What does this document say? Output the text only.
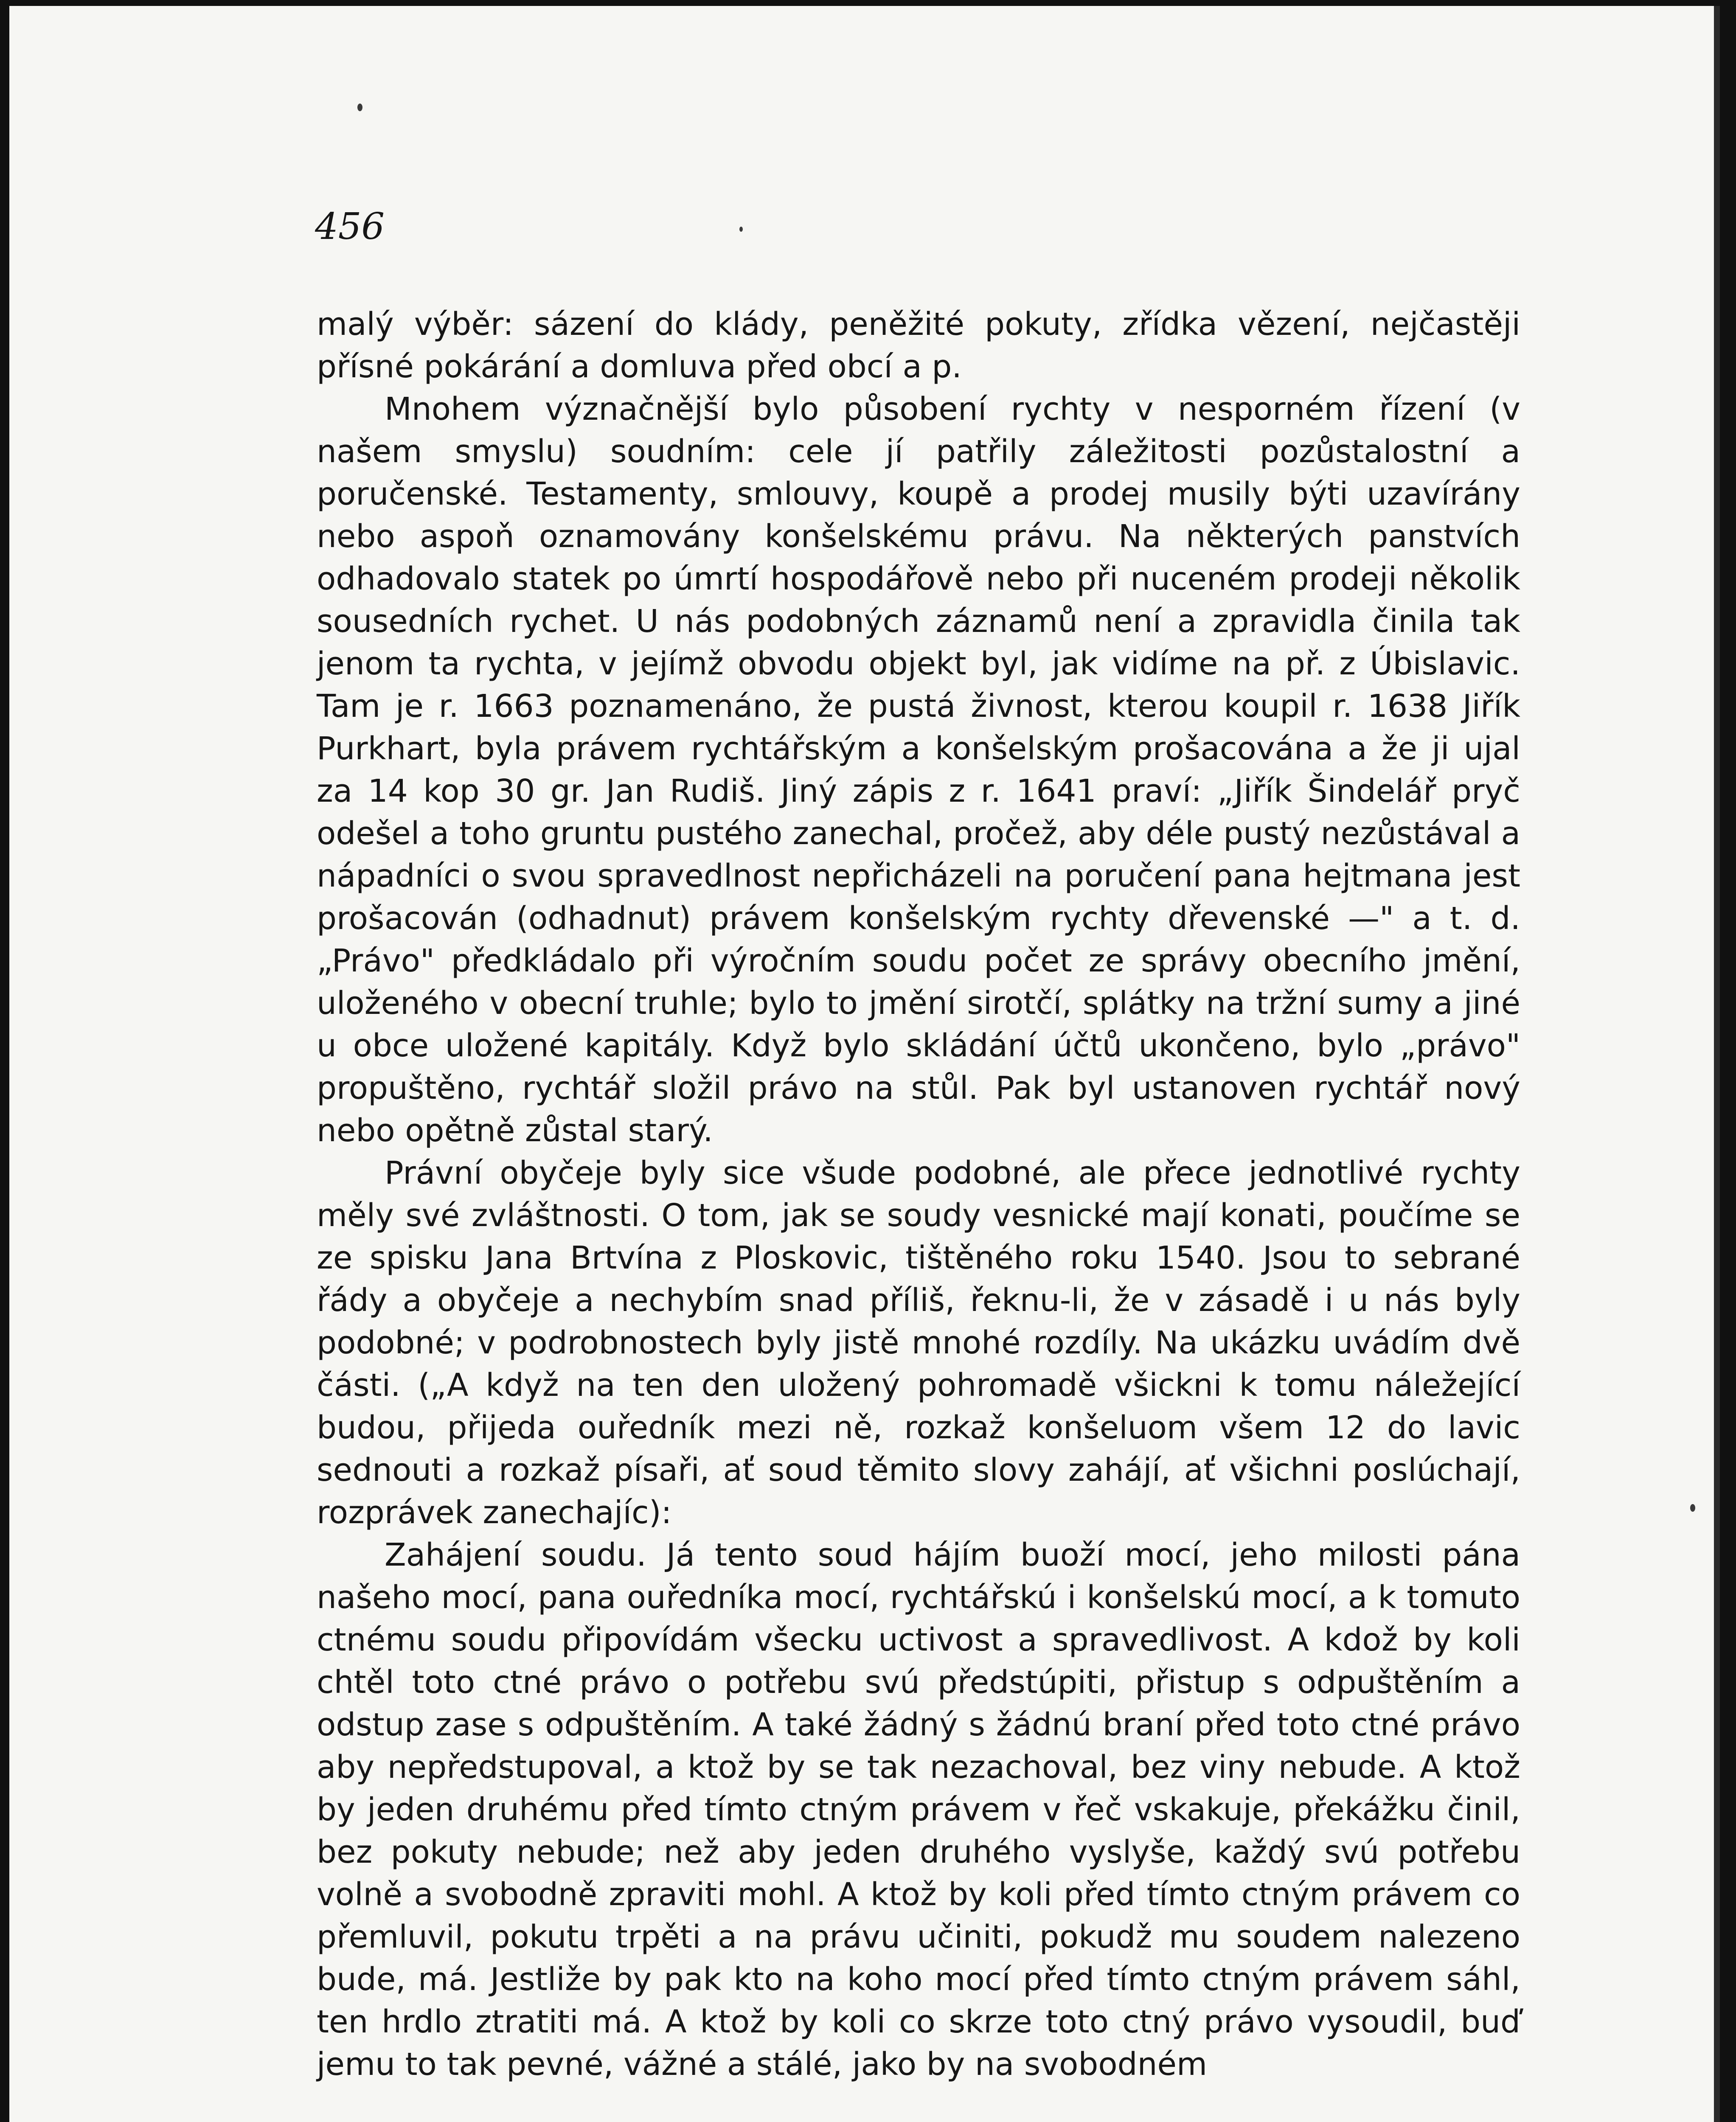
456

malý výběr: sázení do klády, peněžité pokuty, zřídka vězení, nejčastěji přísné pokárání a domluva před obcí a p.

Mnohem význačnější bylo působení rychty v nesporném řízení (v našem smyslu) soudním: cele jí patřily záležitosti pozůstalostní a poručenské. Testamenty, smlouvy, koupě a prodej musily býti uzavírány nebo aspoň oznamovány konšelskému právu. Na některých panstvích odhadovalo statek po úmrtí hospodářově nebo při nuceném prodeji několik sousedních rychet. U nás podobných záznamů není a zpravidla činila tak jenom ta rychta, v jejímž obvodu objekt byl, jak vidíme na př. z Úbislavic. Tam je r. 1663 poznamenáno, že pustá živnost, kterou koupil r. 1638 Jiřík Purkhart, byla právem rychtářským a konšelským prošacována a že ji ujal za 14 kop 30 gr. Jan Rudiš. Jiný zápis z r. 1641 praví: „Jiřík Šindelář pryč odešel a toho gruntu pustého zanechal, pročež, aby déle pustý nezůstával a nápadníci o svou spravedlnost nepřicházeli na poručení pana hejtmana jest prošacován (odhadnut) právem konšelským rychty dřevenské —" a t. d. „Právo" předkládalo při výročním soudu počet ze správy obecního jmění, uloženého v obecní truhle; bylo to jmění sirotčí, splátky na tržní sumy a jiné u obce uložené kapitály. Když bylo skládání účtů ukončeno, bylo „právo" propuštěno, rychtář složil právo na stůl. Pak byl ustanoven rychtář nový nebo opětně zůstal starý.

Právní obyčeje byly sice všude podobné, ale přece jednotlivé rychty měly své zvláštnosti. O tom, jak se soudy vesnické mají konati, poučíme se ze spisku Jana Brtvína z Ploskovic, tištěného roku 1540. Jsou to sebrané řády a obyčeje a nechybím snad příliš, řeknu-li, že v zásadě i u nás byly podobné; v podrobnostech byly jistě mnohé rozdíly. Na ukázku uvádím dvě části. („A když na ten den uložený pohromadě všickni k tomu náležející budou, přijeda ouředník mezi ně, rozkaž konšeluom všem 12 do lavic sednouti a rozkaž písaři, ať soud těmito slovy zahájí, ať všichni poslúchají, rozprávek zanechajíc):

Zahájení soudu. Já tento soud hájím buoží mocí, jeho milosti pána našeho mocí, pana ouředníka mocí, rychtářskú i konšelskú mocí, a k tomuto ctnému soudu připovídám všecku uctivost a spravedlivost. A kdož by koli chtěl toto ctné právo o potřebu svú předstúpiti, přistup s odpuštěním a odstup zase s odpuštěním. A také žádný s žádnú braní před toto ctné právo aby nepředstupoval, a ktož by se tak nezachoval, bez viny nebude. A ktož by jeden druhému před tímto ctným právem v řeč vskakuje, překážku činil, bez pokuty nebude; než aby jeden druhého vyslyše, každý svú potřebu volně a svobodně zpraviti mohl. A ktož by koli před tímto ctným právem co přemluvil, pokutu trpěti a na právu učiniti, pokudž mu soudem nalezeno bude, má. Jestliže by pak kto na koho mocí před tímto ctným právem sáhl, ten hrdlo ztratiti má. A ktož by koli co skrze toto ctný právo vysoudil, buď jemu to tak pevné, vážné a stálé, jako by na svobodném
